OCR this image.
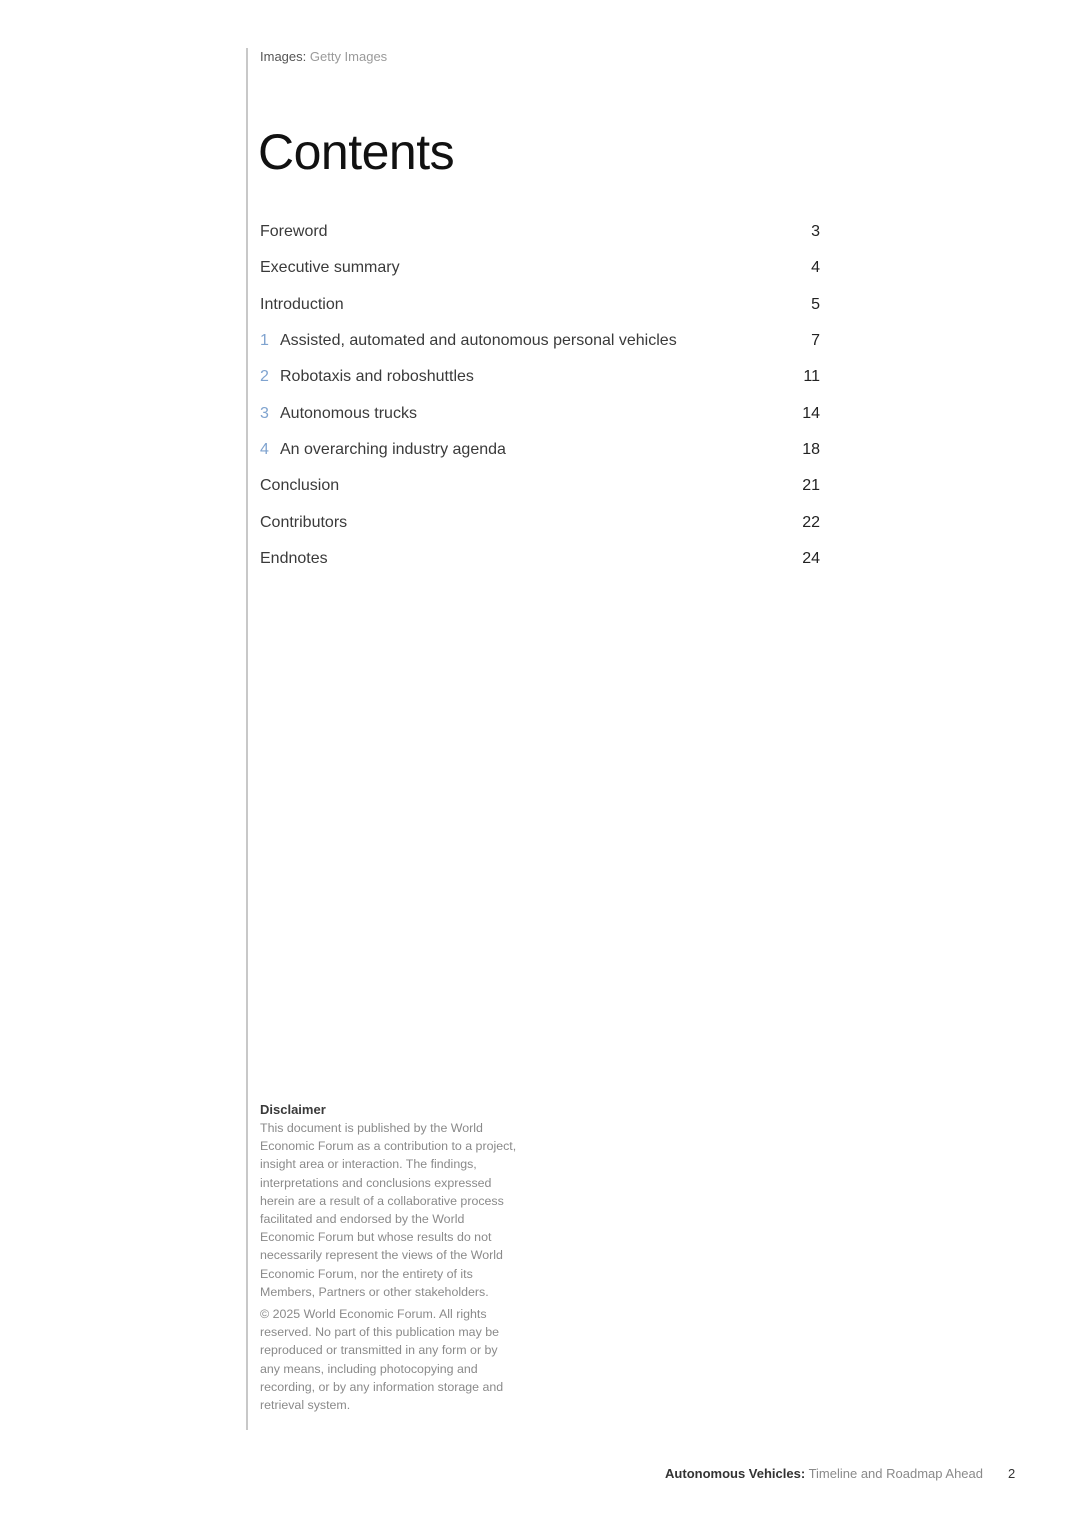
Images: Getty Images
Contents
Foreword	3
Executive summary	4
Introduction	5
1 Assisted, automated and autonomous personal vehicles	7
2 Robotaxis and roboshuttles	11
3 Autonomous trucks	14
4 An overarching industry agenda	18
Conclusion	21
Contributors	22
Endnotes	24
Disclaimer

This document is published by the World Economic Forum as a contribution to a project, insight area or interaction. The findings, interpretations and conclusions expressed herein are a result of a collaborative process facilitated and endorsed by the World Economic Forum but whose results do not necessarily represent the views of the World Economic Forum, nor the entirety of its Members, Partners or other stakeholders.

© 2025 World Economic Forum. All rights reserved. No part of this publication may be reproduced or transmitted in any form or by any means, including photocopying and recording, or by any information storage and retrieval system.

Autonomous Vehicles: Timeline and Roadmap Ahead 2
